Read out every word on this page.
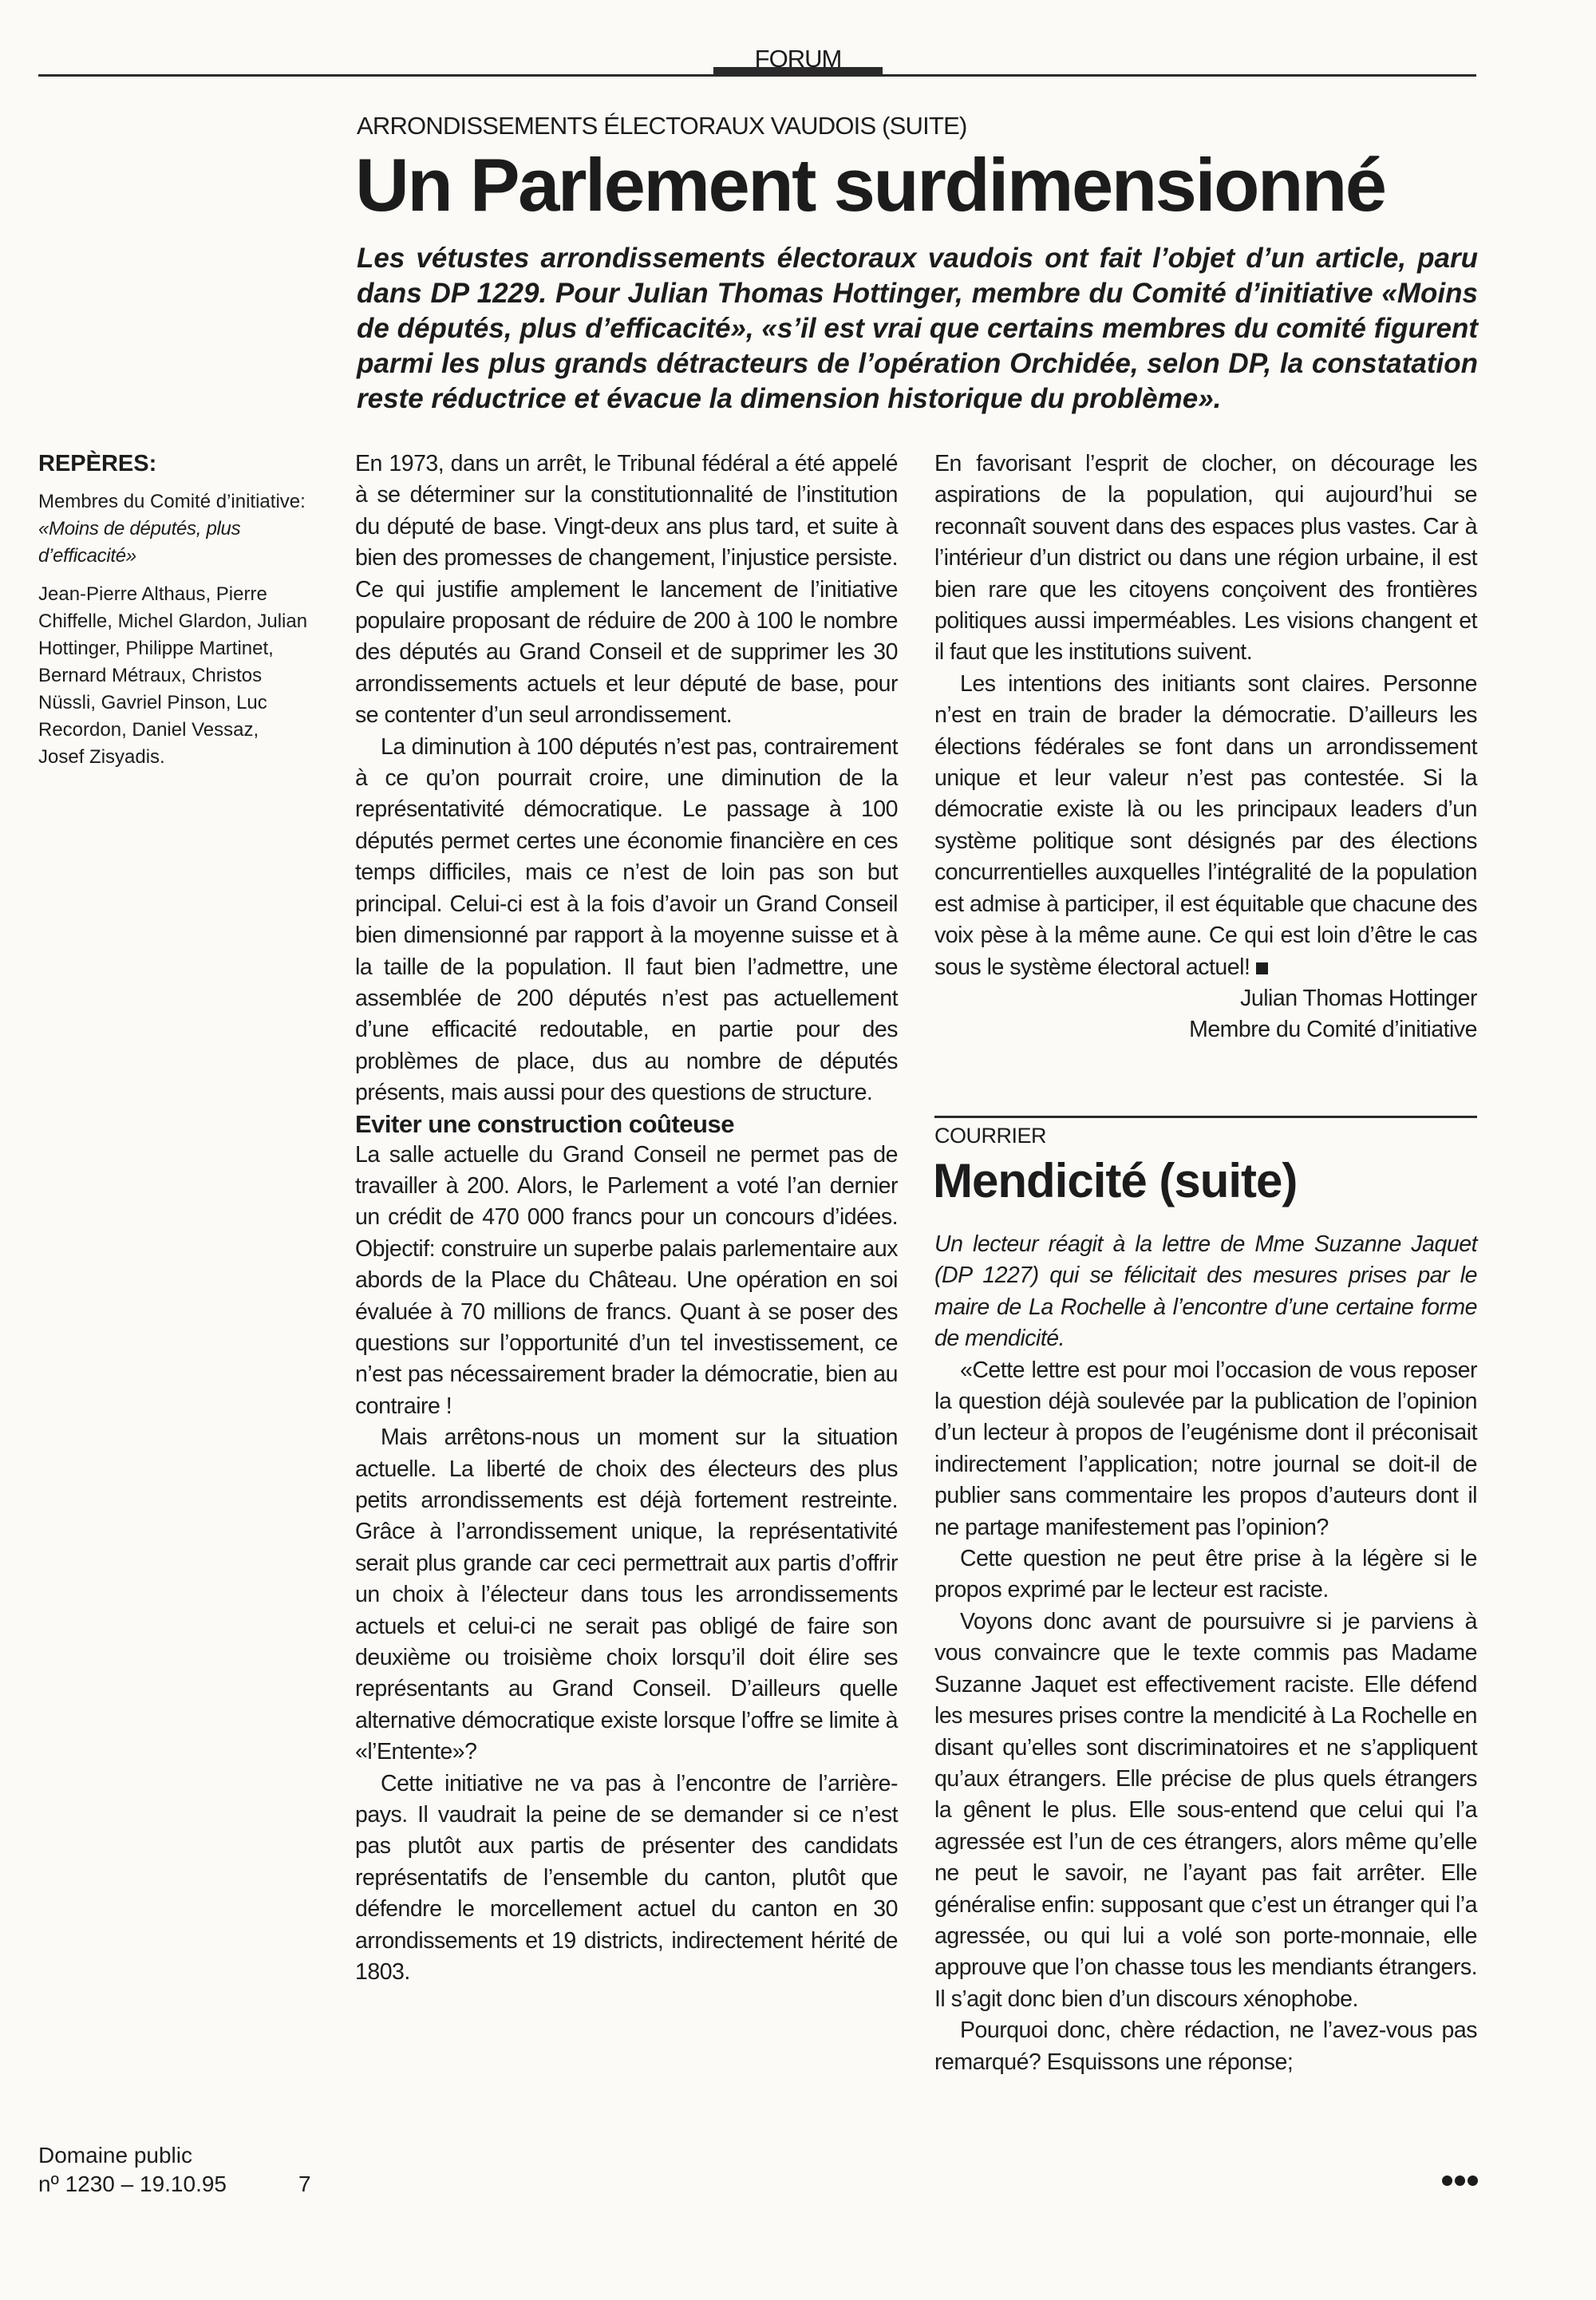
FORUM
ARRONDISSEMENTS ÉLECTORAUX VAUDOIS (SUITE)
Un Parlement surdimensionné

Les vétustes arrondissements électoraux vaudois ont fait l’objet d’un article, paru dans DP 1229. Pour Julian Thomas Hottinger, membre du Comité d’initiative «Moins de députés, plus d’efficacité», «s’il est vrai que certains membres du comité figurent parmi les plus grands détracteurs de l’opération Orchidée, selon DP, la constatation reste réductrice et évacue la dimension historique du problème».

REPÈRES:
Membres du Comité d’initiative: «Moins de députés, plus d’efficacité»
Jean-Pierre Althaus, Pierre Chiffelle, Michel Glardon, Julian Hottinger, Philippe Martinet, Bernard Métraux, Christos Nüssli, Gavriel Pinson, Luc Recordon, Daniel Vessaz, Josef Zisyadis.

En 1973, dans un arrêt, le Tribunal fédéral a été appelé à se déterminer sur la constitutionnalité de l’institution du député de base. Vingt-deux ans plus tard, et suite à bien des promesses de changement, l’injustice persiste. Ce qui justifie amplement le lancement de l’initiative populaire proposant de réduire de 200 à 100 le nombre des députés au Grand Conseil et de supprimer les 30 arrondissements actuels et leur député de base, pour se contenter d’un seul arrondissement.

La diminution à 100 députés n’est pas, contrairement à ce qu’on pourrait croire, une diminution de la représentativité démocratique. Le passage à 100 députés permet certes une économie financière en ces temps difficiles, mais ce n’est de loin pas son but principal. Celui-ci est à la fois d’avoir un Grand Conseil bien dimensionné par rapport à la moyenne suisse et à la taille de la population. Il faut bien l’admettre, une assemblée de 200 députés n’est pas actuellement d’une efficacité redoutable, en partie pour des problèmes de place, dus au nombre de députés présents, mais aussi pour des questions de structure.

Eviter une construction coûteuse

La salle actuelle du Grand Conseil ne permet pas de travailler à 200. Alors, le Parlement a voté l’an dernier un crédit de 470 000 francs pour un concours d’idées. Objectif: construire un superbe palais parlementaire aux abords de la Place du Château. Une opération en soi évaluée à 70 millions de francs. Quant à se poser des questions sur l’opportunité d’un tel investissement, ce n’est pas nécessairement brader la démocratie, bien au contraire !

Mais arrêtons-nous un moment sur la situation actuelle. La liberté de choix des électeurs des plus petits arrondissements est déjà fortement restreinte. Grâce à l’arrondissement unique, la représentativité serait plus grande car ceci permettrait aux partis d’offrir un choix à l’électeur dans tous les arrondissements actuels et celui-ci ne serait pas obligé de faire son deuxième ou troisième choix lorsqu’il doit élire ses représentants au Grand Conseil. D’ailleurs quelle alternative démocratique existe lorsque l’offre se limite à «l’Entente»?

Cette initiative ne va pas à l’encontre de l’arrière-pays. Il vaudrait la peine de se demander si ce n’est pas plutôt aux partis de présenter des candidats représentatifs de l’ensemble du canton, plutôt que défendre le morcellement actuel du canton en 30 arrondissements et 19 districts, indirectement hérité de 1803.

En favorisant l’esprit de clocher, on décourage les aspirations de la population, qui aujourd’hui se reconnaît souvent dans des espaces plus vastes. Car à l’intérieur d’un district ou dans une région urbaine, il est bien rare que les citoyens conçoivent des frontières politiques aussi imperméables. Les visions changent et il faut que les institutions suivent.

Les intentions des initiants sont claires. Personne n’est en train de brader la démocratie. D’ailleurs les élections fédérales se font dans un arrondissement unique et leur valeur n’est pas contestée. Si la démocratie existe là ou les principaux leaders d’un système politique sont désignés par des élections concurrentielles auxquelles l’intégralité de la population est admise à participer, il est équitable que chacune des voix pèse à la même aune. Ce qui est loin d’être le cas sous le système électoral actuel!

Julian Thomas Hottinger

Membre du Comité d’initiative

COURRIER
Mendicité (suite)

Un lecteur réagit à la lettre de Mme Suzanne Jaquet (DP 1227) qui se félicitait des mesures prises par le maire de La Rochelle à l’encontre d’une certaine forme de mendicité.

«Cette lettre est pour moi l’occasion de vous reposer la question déjà soulevée par la publication de l’opinion d’un lecteur à propos de l’eugénisme dont il préconisait indirectement l’application; notre journal se doit-il de publier sans commentaire les propos d’auteurs dont il ne partage manifestement pas l’opinion?

Cette question ne peut être prise à la légère si le propos exprimé par le lecteur est raciste.

Voyons donc avant de poursuivre si je parviens à vous convaincre que le texte commis pas Madame Suzanne Jaquet est effectivement raciste. Elle défend les mesures prises contre la mendicité à La Rochelle en disant qu’elles sont discriminatoires et ne s’appliquent qu’aux étrangers. Elle précise de plus quels étrangers la gênent le plus. Elle sous-entend que celui qui l’a agressée est l’un de ces étrangers, alors même qu’elle ne peut le savoir, ne l’ayant pas fait arrêter. Elle généralise enfin: supposant que c’est un étranger qui l’a agressée, ou qui lui a volé son porte-monnaie, elle approuve que l’on chasse tous les mendiants étrangers. Il s’agit donc bien d’un discours xénophobe.

Pourquoi donc, chère rédaction, ne l’avez-vous pas remarqué? Esquissons une réponse;

Domaine public
nº 1230 – 19.10.95	7
